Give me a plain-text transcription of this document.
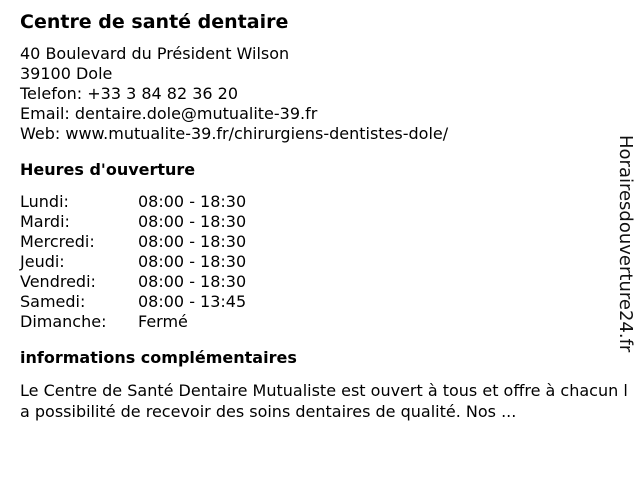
Centre de santé dentaire
40 Boulevard du Président Wilson
39100 Dole
Telefon: +33 3 84 82 36 20
Email: dentaire.dole@mutualite-39.fr
Web: www.mutualite-39.fr/chirurgiens-dentistes-dole/
Heures d'ouverture
Lundi:	08:00 - 18:30
Mardi:	08:00 - 18:30
Mercredi:	08:00 - 18:30
Jeudi:	08:00 - 18:30
Vendredi:	08:00 - 18:30
Samedi:	08:00 - 13:45
Dimanche: Fermé
informations complémentaires
Le Centre de Santé Dentaire Mutualiste est ouvert à tous et offre à chacun la possibilité de recevoir des soins dentaires de qualité. Nos ...
Horairesdouverture24.fr
